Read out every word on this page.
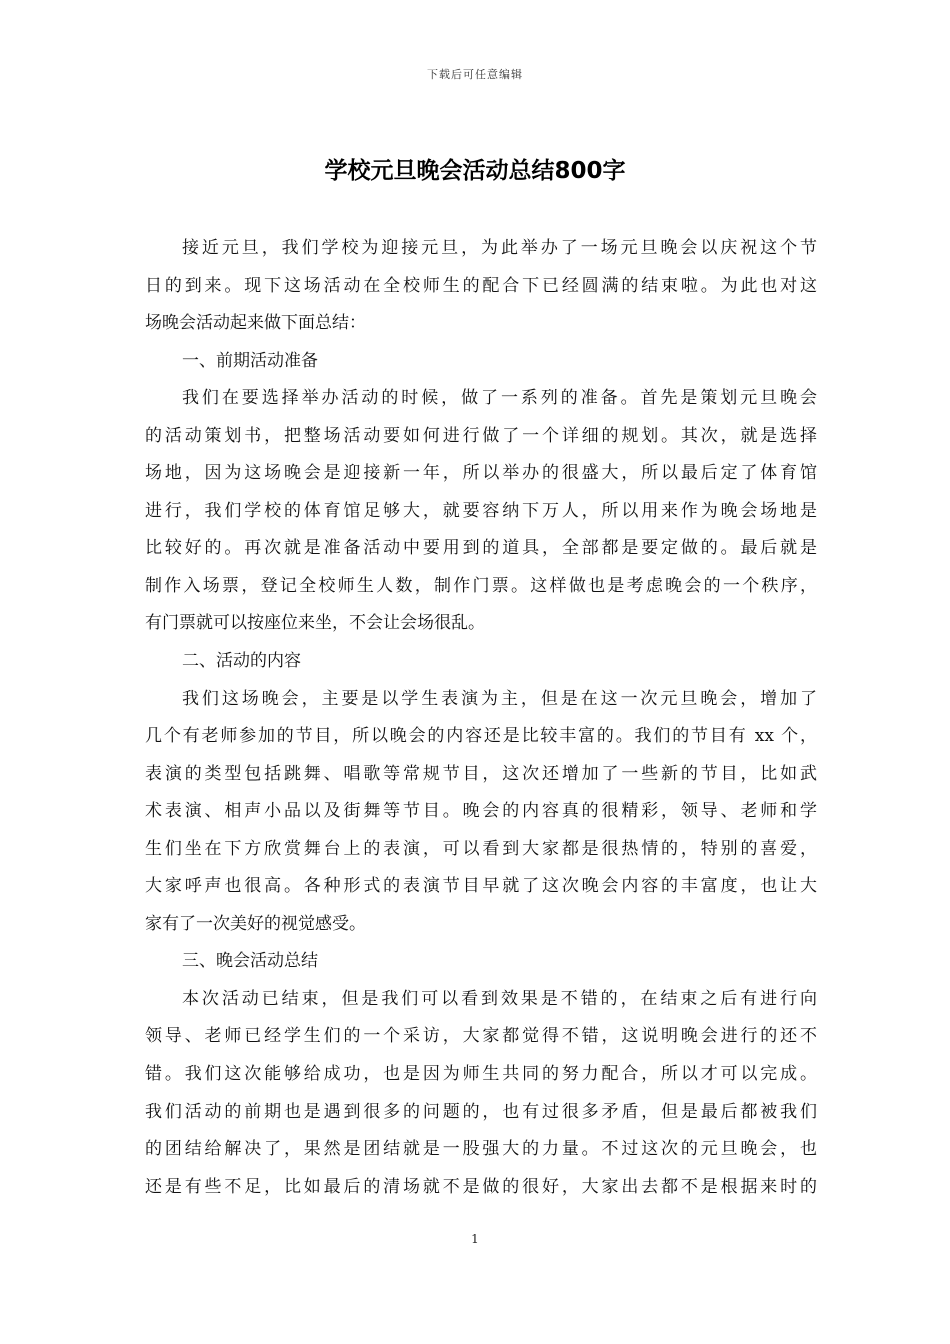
下载后可任意编辑
学校元旦晚会活动总结800字
接近元旦，我们学校为迎接元旦，为此举办了一场元旦晚会以庆祝这个节
日的到来。现下这场活动在全校师生的配合下已经圆满的结束啦。为此也对这
场晚会活动起来做下面总结：
一、前期活动准备
我们在要选择举办活动的时候，做了一系列的准备。首先是策划元旦晚会
的活动策划书，把整场活动要如何进行做了一个详细的规划。其次，就是选择
场地，因为这场晚会是迎接新一年，所以举办的很盛大，所以最后定了体育馆
进行，我们学校的体育馆足够大，就要容纳下万人，所以用来作为晚会场地是
比较好的。再次就是准备活动中要用到的道具，全部都是要定做的。最后就是
制作入场票，登记全校师生人数，制作门票。这样做也是考虑晚会的一个秩序，
有门票就可以按座位来坐，不会让会场很乱。
二、活动的内容
我们这场晚会，主要是以学生表演为主，但是在这一次元旦晚会，增加了
几个有老师参加的节目，所以晚会的内容还是比较丰富的。我们的节目有 xx 个，
表演的类型包括跳舞、唱歌等常规节目，这次还增加了一些新的节目，比如武
术表演、相声小品以及街舞等节目。晚会的内容真的很精彩，领导、老师和学
生们坐在下方欣赏舞台上的表演，可以看到大家都是很热情的，特别的喜爱，
大家呼声也很高。各种形式的表演节目早就了这次晚会内容的丰富度，也让大
家有了一次美好的视觉感受。
三、晚会活动总结
本次活动已结束，但是我们可以看到效果是不错的，在结束之后有进行向
领导、老师已经学生们的一个采访，大家都觉得不错，这说明晚会进行的还不
错。我们这次能够给成功，也是因为师生共同的努力配合，所以才可以完成。
我们活动的前期也是遇到很多的问题的，也有过很多矛盾，但是最后都被我们
的团结给解决了，果然是团结就是一股强大的力量。不过这次的元旦晚会，也
还是有些不足，比如最后的清场就不是做的很好，大家出去都不是根据来时的
1
